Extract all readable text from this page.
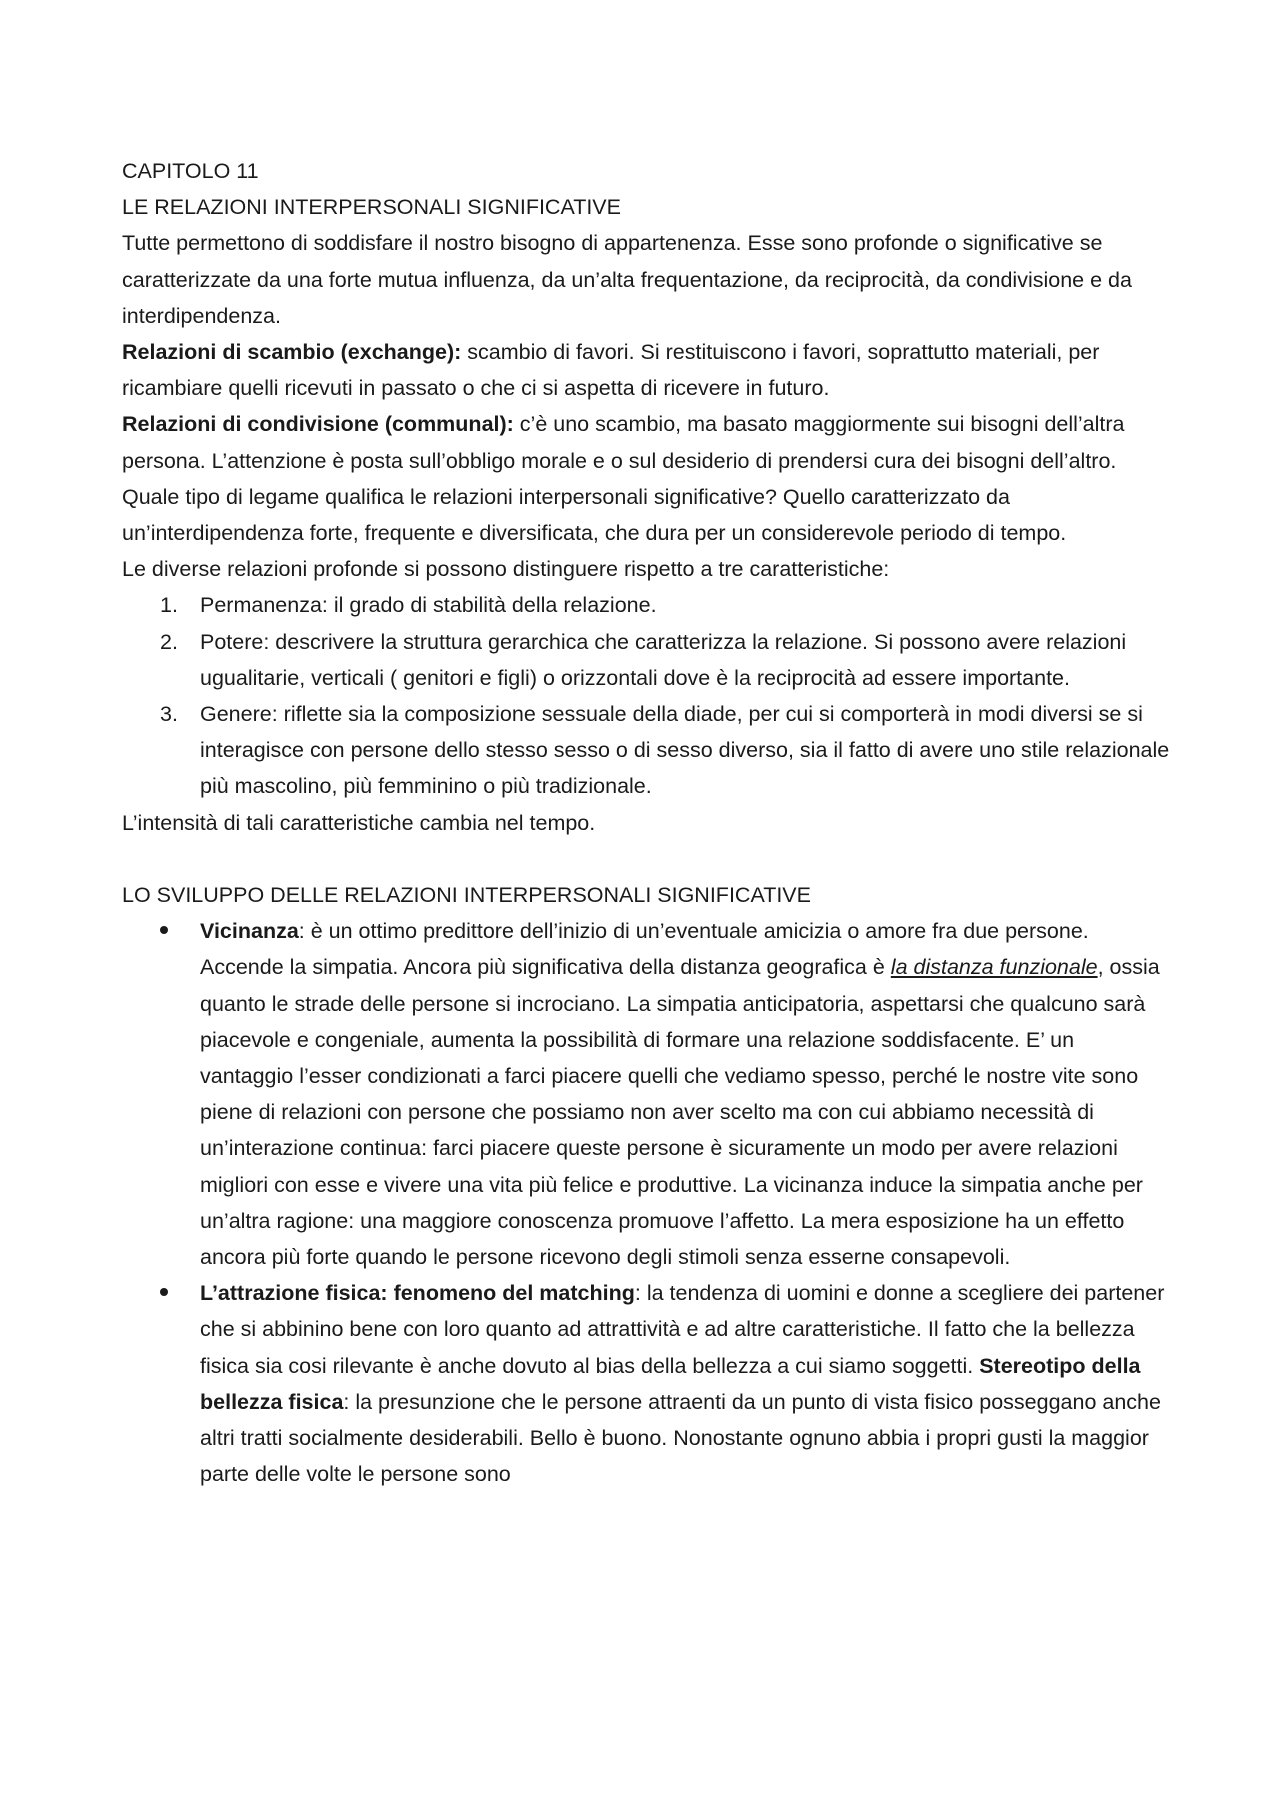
CAPITOLO 11

LE RELAZIONI INTERPERSONALI SIGNIFICATIVE

Tutte permettono di soddisfare il nostro bisogno di appartenenza. Esse sono profonde o significative se caratterizzate da una forte mutua influenza, da un’alta frequentazione, da reciprocità, da condivisione e da interdipendenza.

Relazioni di scambio (exchange): scambio di favori. Si restituiscono i favori, soprattutto materiali, per ricambiare quelli ricevuti in passato o che ci si aspetta di ricevere in futuro.

Relazioni di condivisione (communal): c’è uno scambio, ma basato maggiormente sui bisogni dell’altra persona. L’attenzione è posta sull’obbligo morale e o sul desiderio di prendersi cura dei bisogni dell’altro.

Quale tipo di legame qualifica le relazioni interpersonali significative? Quello caratterizzato da un’interdipendenza forte, frequente e diversificata, che dura per un considerevole periodo di tempo.

Le diverse relazioni profonde si possono distinguere rispetto a tre caratteristiche:

1. Permanenza: il grado di stabilità della relazione.
2. Potere: descrivere la struttura gerarchica che caratterizza la relazione. Si possono avere relazioni ugualitarie, verticali ( genitori e figli) o orizzontali dove è la reciprocità ad essere importante.
3. Genere: riflette sia la composizione sessuale della diade, per cui si comporterà in modi diversi se si interagisce con persone dello stesso sesso o di sesso diverso, sia il fatto di avere uno stile relazionale più mascolino, più femminino o più tradizionale.

L’intensità di tali caratteristiche cambia nel tempo.

LO SVILUPPO DELLE RELAZIONI INTERPERSONALI SIGNIFICATIVE

Vicinanza: è un ottimo predittore dell’inizio di un’eventuale amicizia o amore fra due persone. Accende la simpatia. Ancora più significativa della distanza geografica è la distanza funzionale, ossia quanto le strade delle persone si incrociano. La simpatia anticipatoria, aspettarsi che qualcuno sarà piacevole e congeniale, aumenta la possibilità di formare una relazione soddisfacente. E’ un vantaggio l’esser condizionati a farci piacere quelli che vediamo spesso, perché le nostre vite sono piene di relazioni con persone che possiamo non aver scelto ma con cui abbiamo necessità di un’interazione continua: farci piacere queste persone è sicuramente un modo per avere relazioni migliori con esse e vivere una vita più felice e produttive. La vicinanza induce la simpatia anche per un’altra ragione: una maggiore conoscenza promuove l’affetto. La mera esposizione ha un effetto ancora più forte quando le persone ricevono degli stimoli senza esserne consapevoli.
L’attrazione fisica: fenomeno del matching: la tendenza di uomini e donne a scegliere dei partener che si abbinino bene con loro quanto ad attrattività e ad altre caratteristiche. Il fatto che la bellezza fisica sia cosi rilevante è anche dovuto al bias della bellezza a cui siamo soggetti. Stereotipo della bellezza fisica: la presunzione che le persone attraenti da un punto di vista fisico posseggano anche altri tratti socialmente desiderabili. Bello è buono. Nonostante ognuno abbia i propri gusti la maggior parte delle volte le persone sono
